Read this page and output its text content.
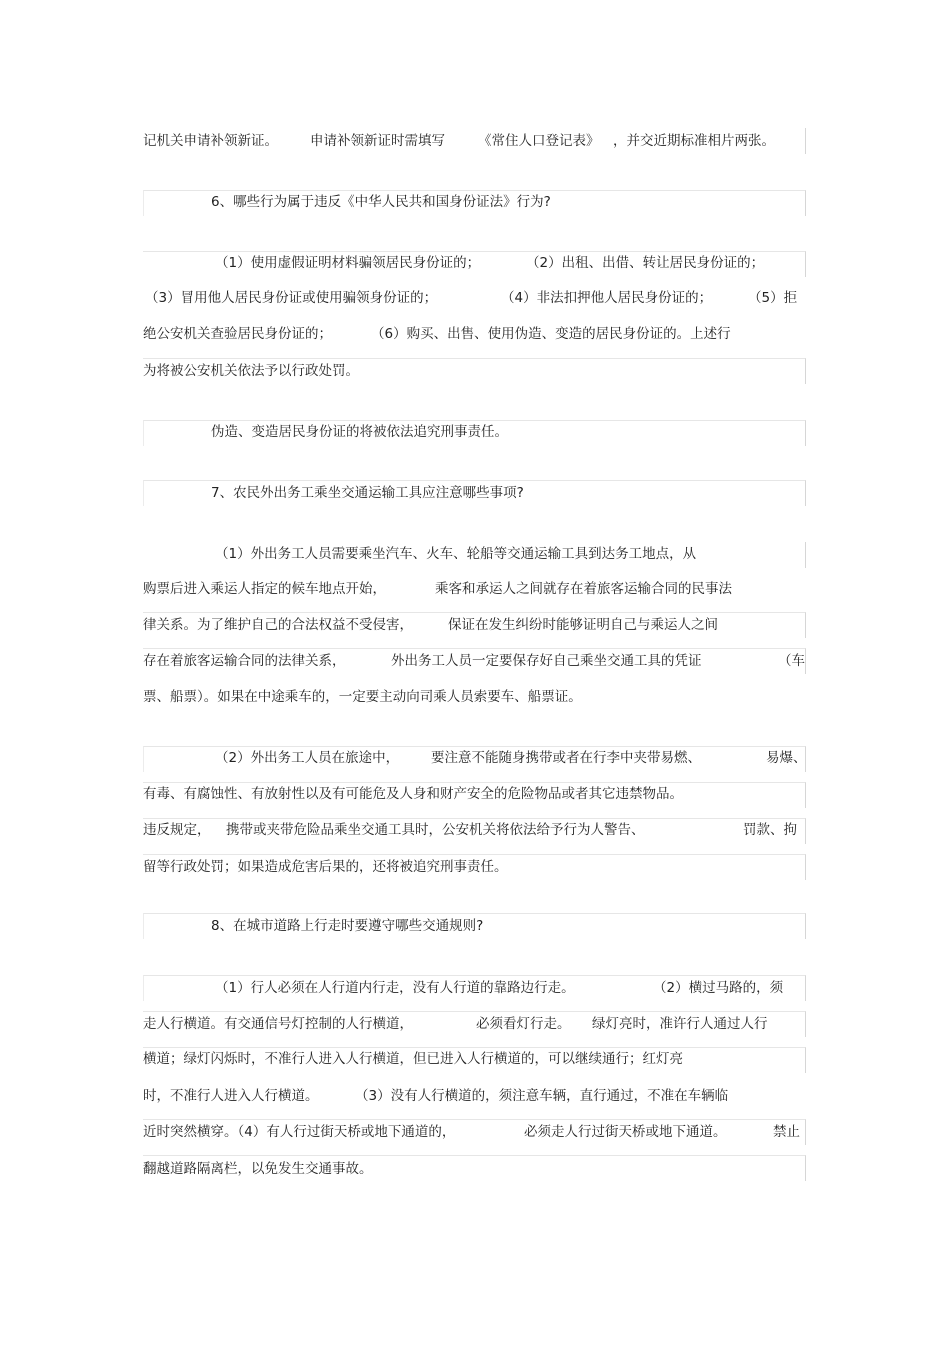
记机关申请补领新证。 申请补领新证时需填写 《常住人口登记表》 ，并交近期标准相片两张。
6、哪些行为属于违反《中华人民共和国身份证法》行为?
（1）使用虚假证明材料骗领居民身份证的；	（2）出租、出借、转让居民身份证的；
（3）冒用他人居民身份证或使用骗领身份证的；	（4）非法扣押他人居民身份证的；	（5）拒
绝公安机关查验居民身份证的；	（6）购买、出售、使用伪造、变造的居民身份证的。上述行
为将被公安机关依法予以行政处罚。
伪造、变造居民身份证的将被依法追究刑事责任。
7、农民外出务工乘坐交通运输工具应注意哪些事项?
（1）外出务工人员需要乘坐汽车、火车、轮船等交通运输工具到达务工地点，从
购票后进入乘运人指定的候车地点开始，	乘客和承运人之间就存在着旅客运输合同的民事法
律关系。为了维护自己的合法权益不受侵害，	保证在发生纠纷时能够证明自己与乘运人之间
存在着旅客运输合同的法律关系，	外出务工人员一定要保存好自己乘坐交通工具的凭证	（车
票、船票）。如果在中途乘车的，一定要主动向司乘人员索要车、船票证。
（2）外出务工人员在旅途中， 要注意不能随身携带或者在行李中夹带易燃、	易爆、
有毒、有腐蚀性、有放射性以及有可能危及人身和财产安全的危险物品或者其它违禁物品。
违反规定， 携带或夹带危险品乘坐交通工具时，公安机关将依法给予行为人警告、	罚款、拘
留等行政处罚；如果造成危害后果的，还将被追究刑事责任。
8、在城市道路上行走时要遵守哪些交通规则?
（1）行人必须在人行道内行走，没有人行道的靠路边行走。	（2）横过马路的，须
走人行横道。有交通信号灯控制的人行横道，	必须看灯行走。 绿灯亮时，准许行人通过人行
横道；绿灯闪烁时，不准行人进入人行横道，但已进入人行横道的，可以继续通行；红灯亮
时，不准行人进入人行横道。	（3）没有人行横道的，须注意车辆，直行通过，不准在车辆临
近时突然横穿。（4）有人行过街天桥或地下通道的，	必须走人行过街天桥或地下通道。	禁止
翻越道路隔离栏，以免发生交通事故。
